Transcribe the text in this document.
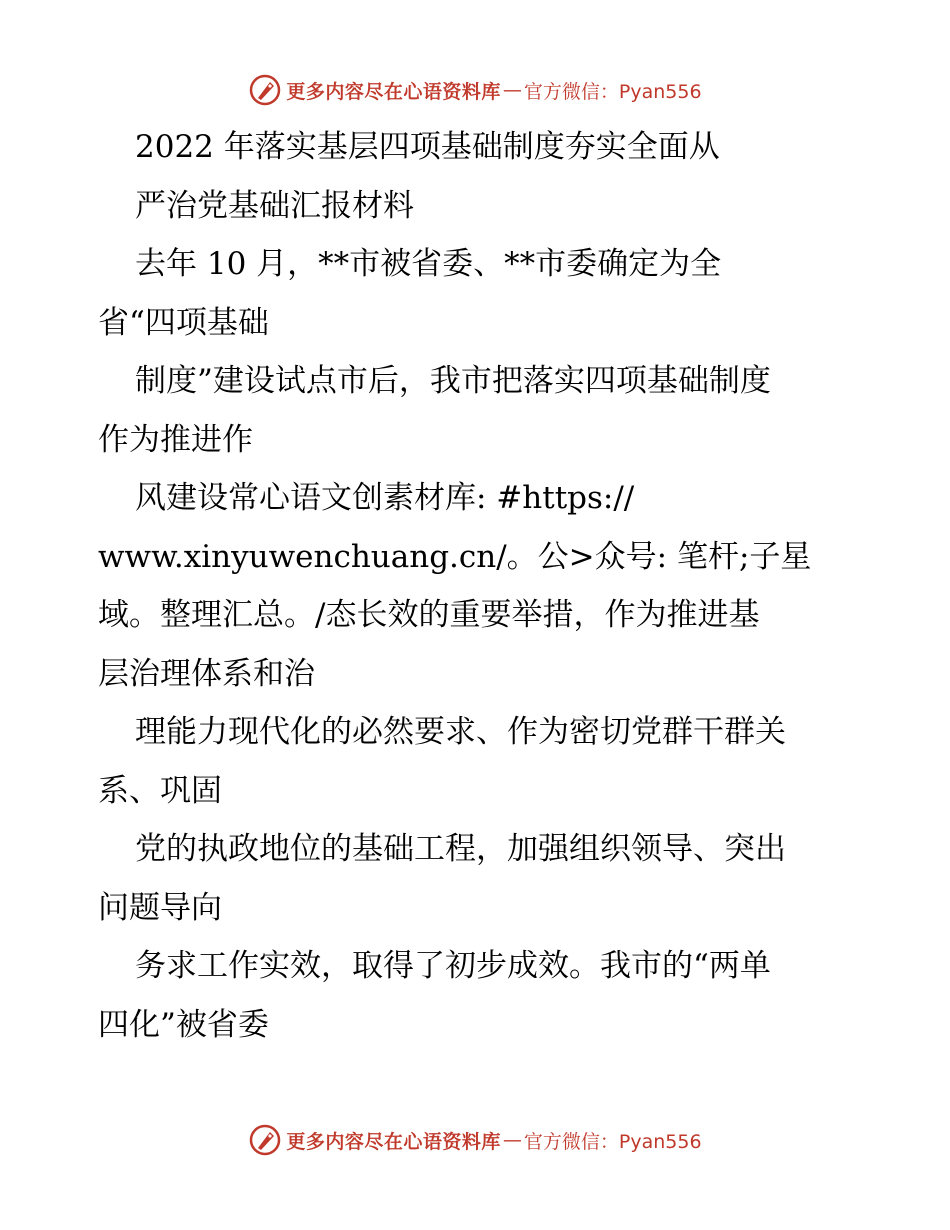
更多内容尽在心语资料库 — 官方微信：Pyan556
2022 年落实基层四项基础制度夯实全面从
严治党基础汇报材料
去年 10 月，**市被省委、**市委确定为全
省“四项基础
制度”建设试点市后，我市把落实四项基础制度
作为推进作
风建设常心语文创素材库: #https://
www.xinyuwenchuang.cn/。公>众号: 笔杆;子星
域。整理汇总。/态长效的重要举措，作为推进基
层治理体系和治
理能力现代化的必然要求、作为密切党群干群关
系、巩固
党的执政地位的基础工程，加强组织领导、突出
问题导向
务求工作实效，取得了初步成效。我市的“两单
四化”被省委
更多内容尽在心语资料库 — 官方微信：Pyan556
